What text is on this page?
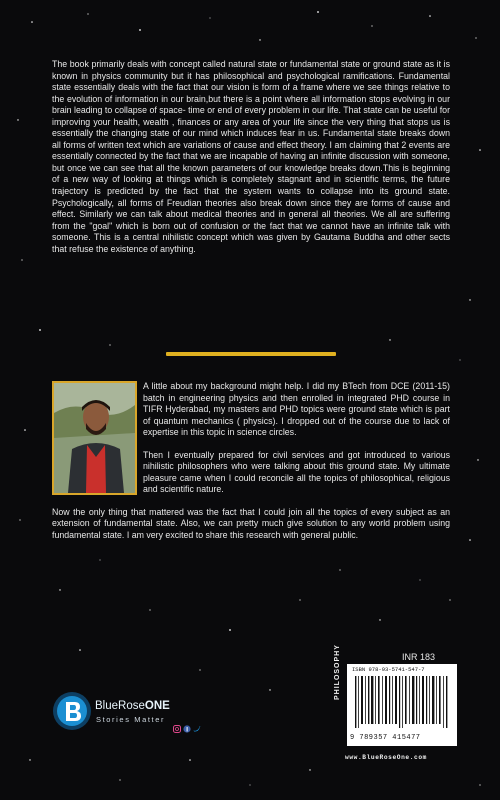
The book primarily deals with concept called natural state or fundamental state or ground state as it is known in physics community but it has philosophical and psychological ramifications. Fundamental state essentially deals with the fact that our vision is form of a frame where we see things relative to the evolution of information in our brain,but there is a point where all information stops evolving in our brain leading to collapse of space- time or end of every problem in our life. That state can be useful for improving your health, wealth , finances or any area of your life since the very thing that stops us is essentially the changing state of our mind which induces fear in us. Fundamental state breaks down all forms of written text which are variations of cause and effect theory. I am claiming that 2 events are essentially connected by the fact that we are incapable of having an infinite discussion with someone, but once we can see that all the known parameters of our knowledge breaks down.This is beginning of a new way of looking at things which is completely stagnant and in scientific terms, the future trajectory is predicted by the fact that the system wants to collapse into its ground state. Psychologically, all forms of Freudian theories also break down since they are forms of cause and effect. Similarly we can talk about medical theories and in general all theories. We all are suffering from the "goal" which is born out of confusion or the fact that we cannot have an infinite talk with someone. This is a central nihilistic concept which was given by Gautama Buddha and other sects that refuse the existence of anything.

A little about my background might help. I did my BTech from DCE (2011-15) batch in engineering physics and then enrolled in integrated PHD course in TIFR Hyderabad, my masters and PHD topics were ground state which is part of quantum mechanics ( physics). I dropped out of the course due to lack of expertise in this topic in science circles.

Then I eventually prepared for civil services and got introduced to various nihilistic philosophers who were talking about this ground state. My ultimate pleasure came when I could reconcile all the topics of philosophical, religious and scientific nature.

Now the only thing that mattered was the fact that I could join all the topics of every subject as an extension of fundamental state. Also, we can pretty much give solution to any world problem using fundamental state. I am very excited to share this research with general public.

INR 183
ISBN 978-93-5741-547-7
9 789357 415477
PHILOSOPHY
www.BlueRoseOne.com
BlueRoseONE
Stories Matter
